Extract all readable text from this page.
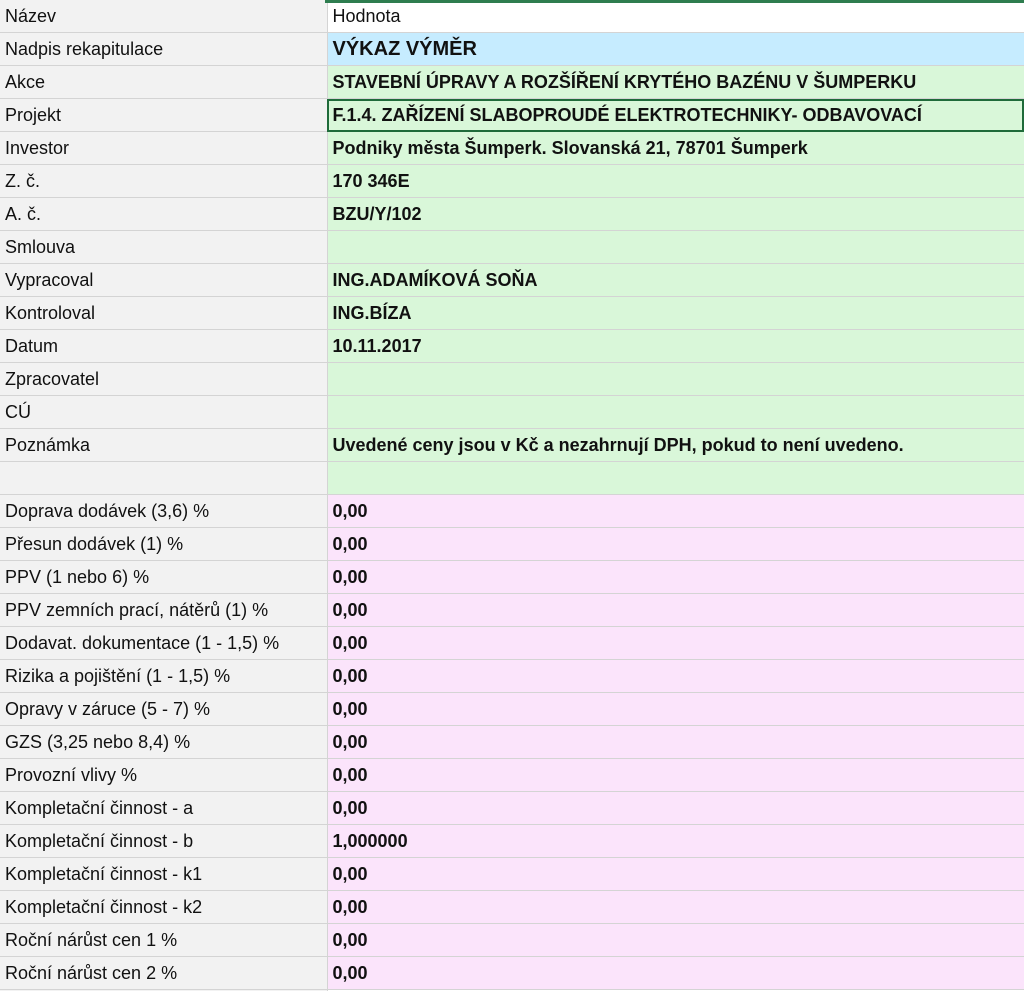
Název	Hodnota
Nadpis rekapitulace	VÝKAZ VÝMĚR
Akce	STAVEBNÍ ÚPRAVY A ROZŠÍŘENÍ KRYTÉHO BAZÉNU V ŠUMPERKU
Projekt	F.1.4. ZAŘÍZENÍ SLABOPROUDÉ ELEKTROTECHNIKY- ODBAVOVACÍ
Investor	Podniky města Šumperk. Slovanská 21, 78701 Šumperk
Z. č.	170 346E
A. č.	BZU/Y/102
Smlouva	
Vypracoval	ING.ADAMÍKOVÁ SOŇA
Kontroloval	ING.BÍZA
Datum	10.11.2017
Zpracovatel	
CÚ	
Poznámka	Uvedené ceny jsou v Kč a nezahrnují DPH, pokud to není uvedeno.

Doprava dodávek (3,6) %	0,00
Přesun dodávek (1) %	0,00
PPV (1 nebo 6) %	0,00
PPV zemních prací, nátěrů (1) %	0,00
Dodavat. dokumentace (1 - 1,5) %	0,00
Rizika a pojištění (1 - 1,5) %	0,00
Opravy v záruce (5 - 7) %	0,00
GZS (3,25 nebo 8,4) %	0,00
Provozní vlivy %	0,00
Kompletační činnost - a	0,00
Kompletační činnost - b	1,000000
Kompletační činnost - k1	0,00
Kompletační činnost - k2	0,00
Roční nárůst cen 1 %	0,00
Roční nárůst cen 2 %	0,00
